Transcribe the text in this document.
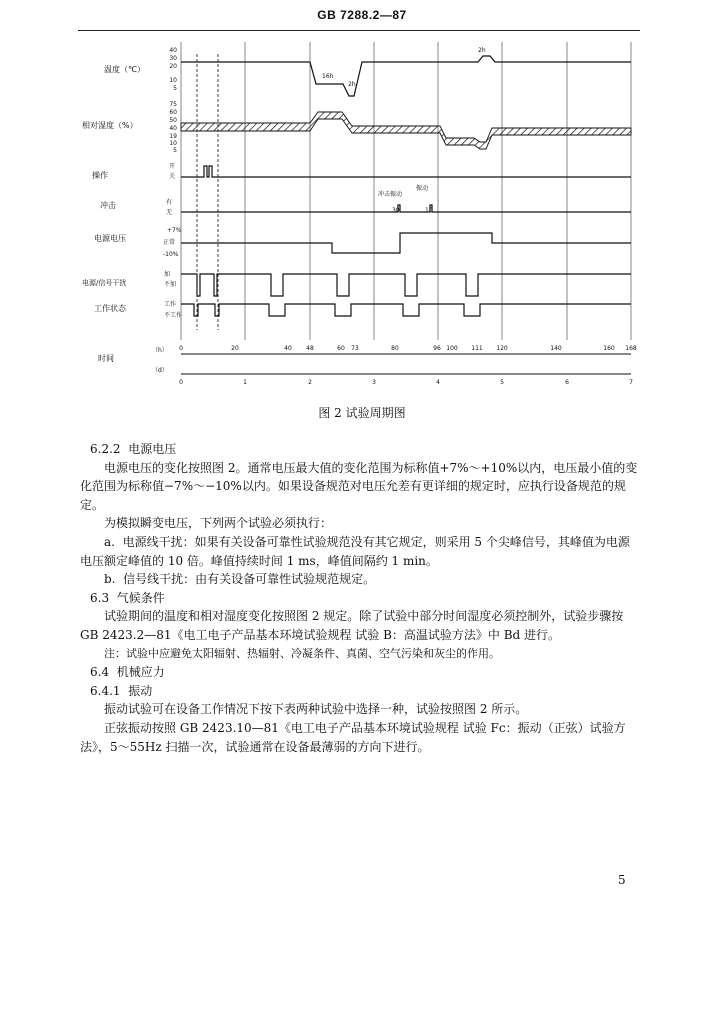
GB 7288.2—87
温度（℃）
相对湿度（%）
操作
冲击
电源电压
电源/信号干扰
工作状态
时间
40
30
20
10
5
75
60
50
40
19
10
5
开
关
有
无
冲击振动
振动
30	10
+7%
正常
-10%
加
不加
工作
不工作
16h
2h
2h
（h） 0	20	40 48	60 73	80	96 100 111 120	140	160 168
（d）
0	1	2	3	4	5	6	7
图 2 试验周期图

6.2.2 电源电压

电源电压的变化按照图 2。通常电压最大值的变化范围为标称值+7%～+10%以内，电压最小值的变化范围为标称值−7%～−10%以内。如果设备规范对电压允差有更详细的规定时，应执行设备规范的规定。

为模拟瞬变电压，下列两个试验必须执行：

a. 电源线干扰：如果有关设备可靠性试验规范没有其它规定，则采用 5 个尖峰信号，其峰值为电源电压额定峰值的 10 倍。峰值持续时间 1 ms，峰值间隔约 1 min。

b. 信号线干扰：由有关设备可靠性试验规范规定。

6.3 气候条件

试验期间的温度和相对湿度变化按照图 2 规定。除了试验中部分时间湿度必须控制外，试验步骤按 GB 2423.2—81《电工电子产品基本环境试验规程 试验 B：高温试验方法》中 Bd 进行。

注：试验中应避免太阳辐射、热辐射、冷凝条件、真菌、空气污染和灰尘的作用。

6.4 机械应力

6.4.1 振动

振动试验可在设备工作情况下按下表两种试验中选择一种，试验按照图 2 所示。

正弦振动按照 GB 2423.10—81《电工电子产品基本环境试验规程 试验 Fc：振动（正弦）试验方法》，5～55Hz 扫描一次，试验通常在设备最薄弱的方向下进行。

5
